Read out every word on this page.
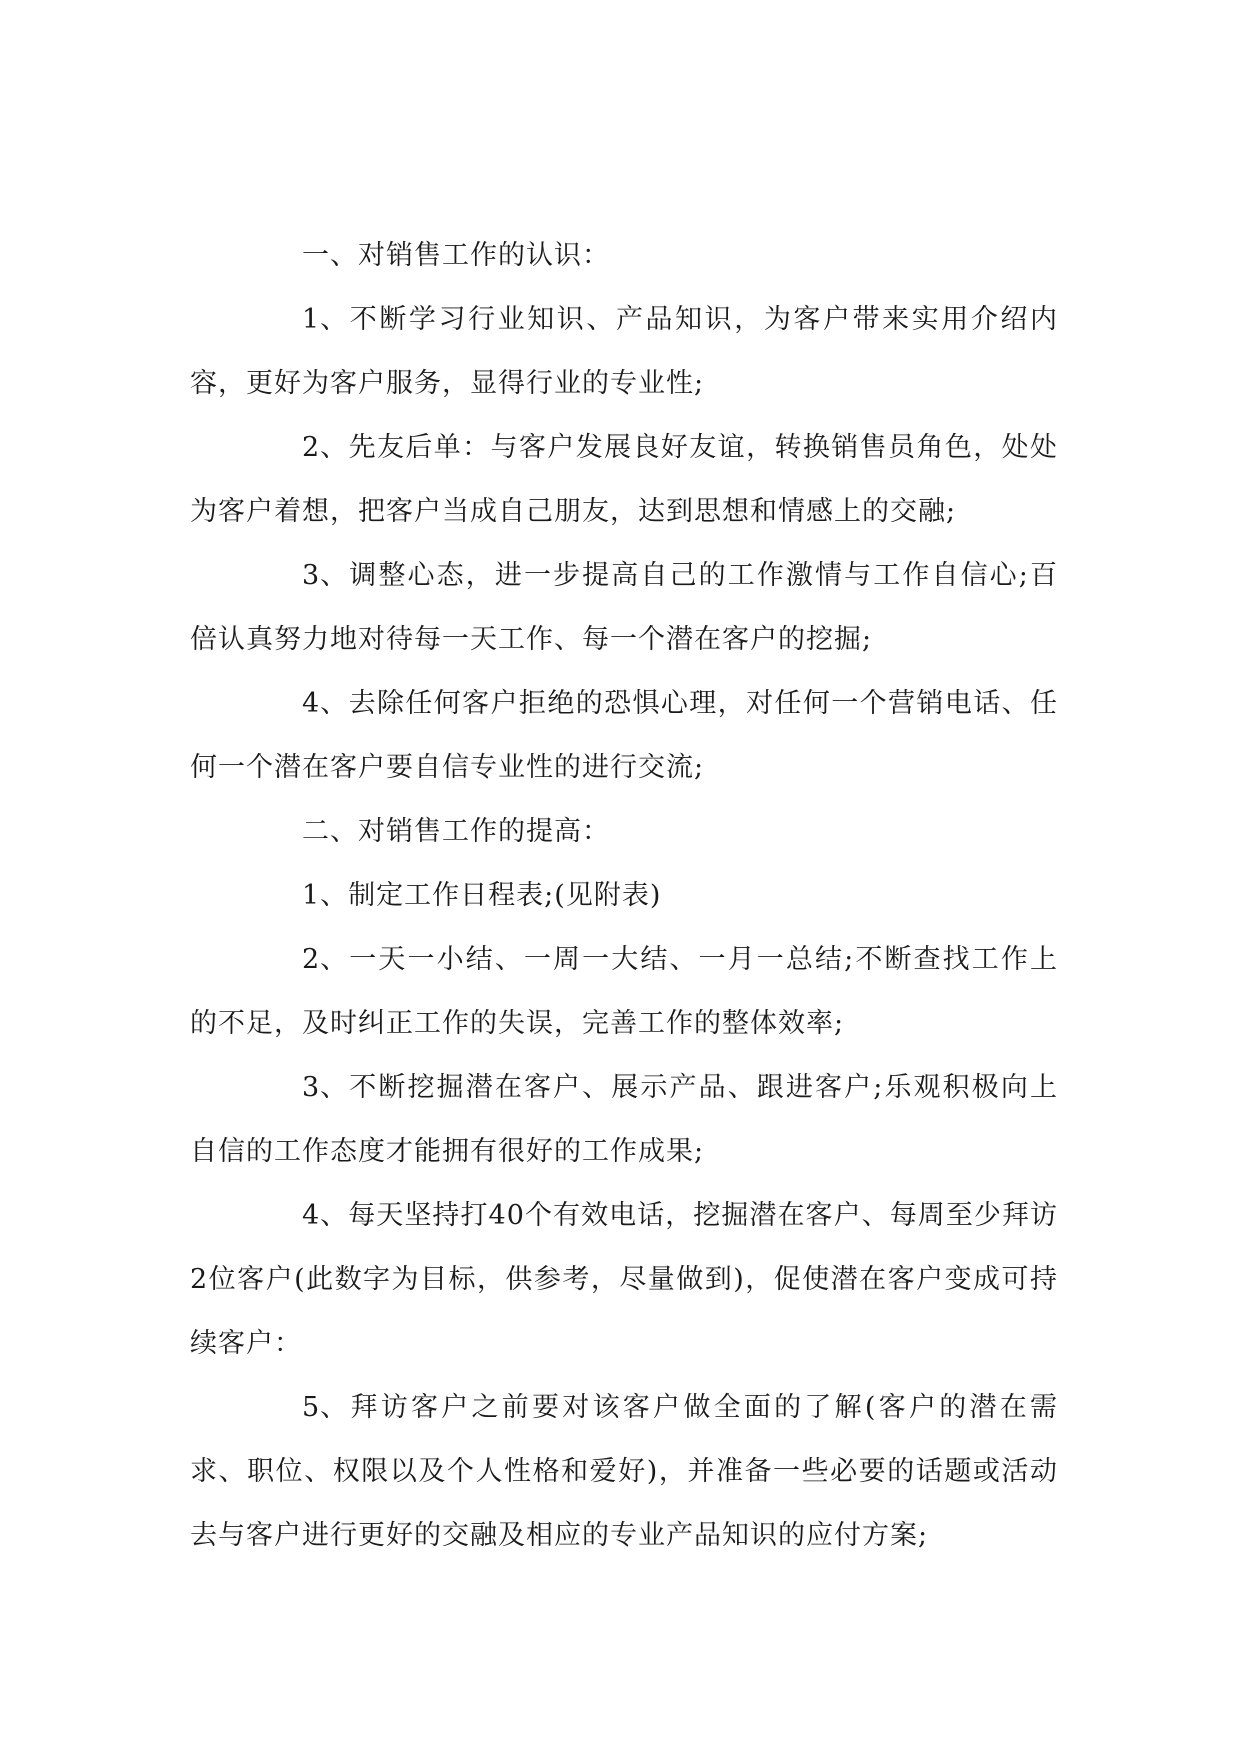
一、对销售工作的认识：

1、不断学习行业知识、产品知识，为客户带来实用介绍内容，更好为客户服务，显得行业的专业性;

2、先友后单：与客户发展良好友谊，转换销售员角色，处处为客户着想，把客户当成自己朋友，达到思想和情感上的交融;

3、调整心态，进一步提高自己的工作激情与工作自信心;百倍认真努力地对待每一天工作、每一个潜在客户的挖掘;

4、去除任何客户拒绝的恐惧心理，对任何一个营销电话、任何一个潜在客户要自信专业性的进行交流;

二、对销售工作的提高：

1、制定工作日程表;(见附表)

2、一天一小结、一周一大结、一月一总结;不断查找工作上的不足，及时纠正工作的失误，完善工作的整体效率;

3、不断挖掘潜在客户、展示产品、跟进客户;乐观积极向上自信的工作态度才能拥有很好的工作成果;

4、每天坚持打40个有效电话，挖掘潜在客户、每周至少拜访2位客户(此数字为目标，供参考，尽量做到)，促使潜在客户变成可持续客户：

5、拜访客户之前要对该客户做全面的了解(客户的潜在需求、职位、权限以及个人性格和爱好)，并准备一些必要的话题或活动去与客户进行更好的交融及相应的专业产品知识的应付方案;
